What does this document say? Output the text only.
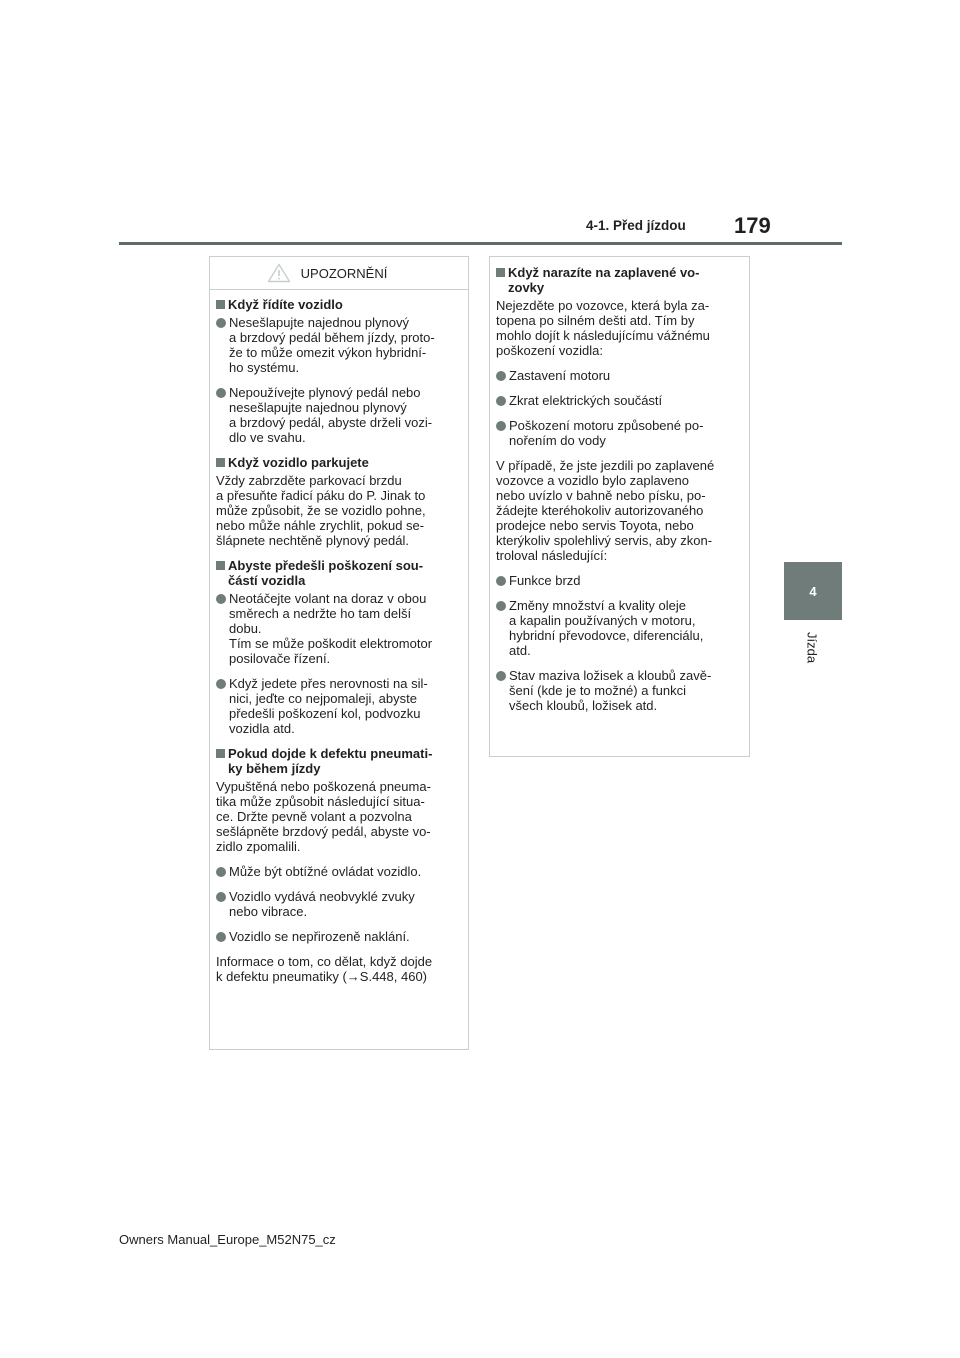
4-1. Před jízdou 179
4
Jízda
UPOZORNĚNÍ
Když řídíte vozidlo
Nesešlapujte najednou plynový
a brzdový pedál během jízdy, proto-
že to může omezit výkon hybridní-
ho systému.
Nepoužívejte plynový pedál nebo
nesešlapujte najednou plynový
a brzdový pedál, abyste drželi vozi-
dlo ve svahu.
Když vozidlo parkujete
Vždy zabrzděte parkovací brzdu
a přesuňte řadicí páku do P. Jinak to
může způsobit, že se vozidlo pohne,
nebo může náhle zrychlit, pokud se-
šlápnete nechtěně plynový pedál.
Abyste předešli poškození sou-
částí vozidla
Neotáčejte volant na doraz v obou
směrech a nedržte ho tam delší
dobu.
Tím se může poškodit elektromotor
posilovače řízení.
Když jedete přes nerovnosti na sil-
nici, jeďte co nejpomaleji, abyste
předešli poškození kol, podvozku
vozidla atd.
Pokud dojde k defektu pneumati-
ky během jízdy
Vypuštěná nebo poškozená pneuma-
tika může způsobit následující situa-
ce. Držte pevně volant a pozvolna
sešlápněte brzdový pedál, abyste vo-
zidlo zpomalili.
Může být obtížné ovládat vozidlo.
Vozidlo vydává neobvyklé zvuky
nebo vibrace.
Vozidlo se nepřirozeně naklání.
Informace o tom, co dělat, když dojde
k defektu pneumatiky (→S.448, 460)
Když narazíte na zaplavené vo-
zovky
Nejezděte po vozovce, která byla za-
topena po silném dešti atd. Tím by
mohlo dojít k následujícímu vážnému
poškození vozidla:
Zastavení motoru
Zkrat elektrických součástí
Poškození motoru způsobené po-
nořením do vody
V případě, že jste jezdili po zaplavené
vozovce a vozidlo bylo zaplaveno
nebo uvízlo v bahně nebo písku, po-
žádejte kteréhokoliv autorizovaného
prodejce nebo servis Toyota, nebo
kterýkoliv spolehlivý servis, aby zkon-
troloval následující:
Funkce brzd
Změny množství a kvality oleje
a kapalin používaných v motoru,
hybridní převodovce, diferenciálu,
atd.
Stav maziva ložisek a kloubů zavě-
šení (kde je to možné) a funkci
všech kloubů, ložisek atd.
Owners Manual_Europe_M52N75_cz
